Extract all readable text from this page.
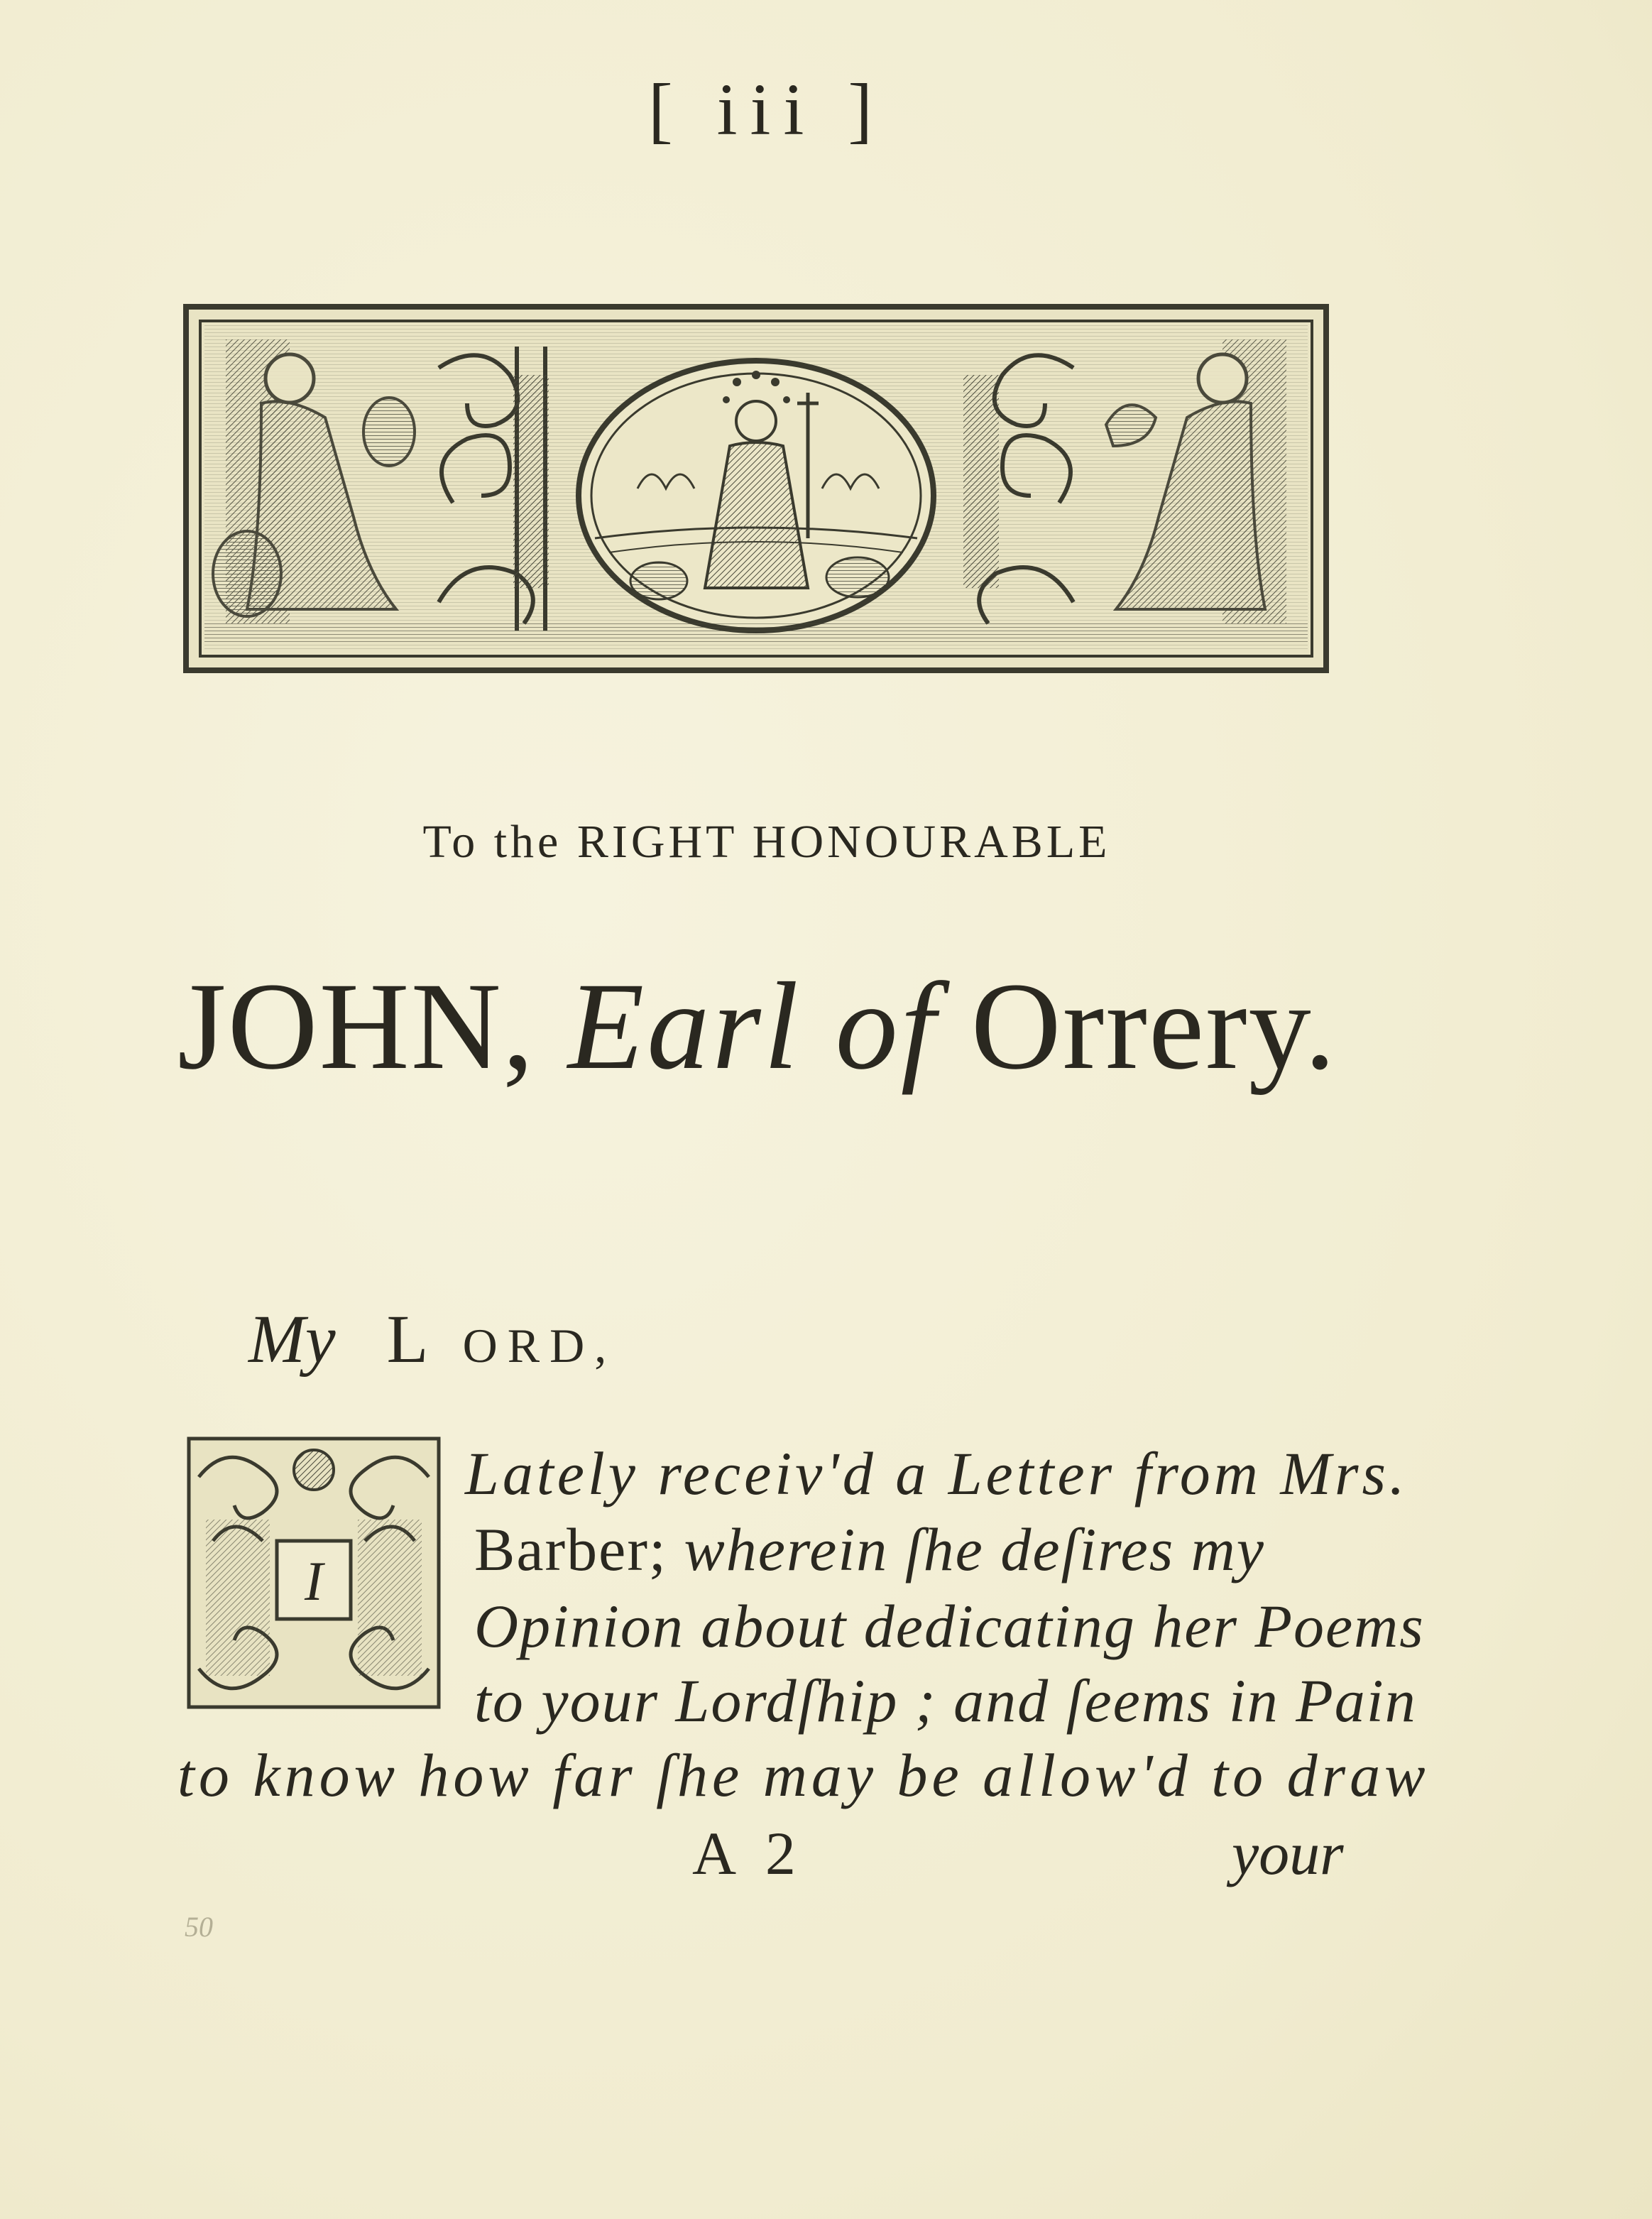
[ iii ]
To the RIGHT HONOURABLE
JOHN, Earl of Orrery.
My L ORD,
I
Lately receiv'd a Letter from Mrs.
Barber; wherein ſhe deſires my
Opinion about dedicating her Poems
to your Lordſhip ; and ſeems in Pain
to know how far ſhe may be allow'd to draw
A 2	your
50
